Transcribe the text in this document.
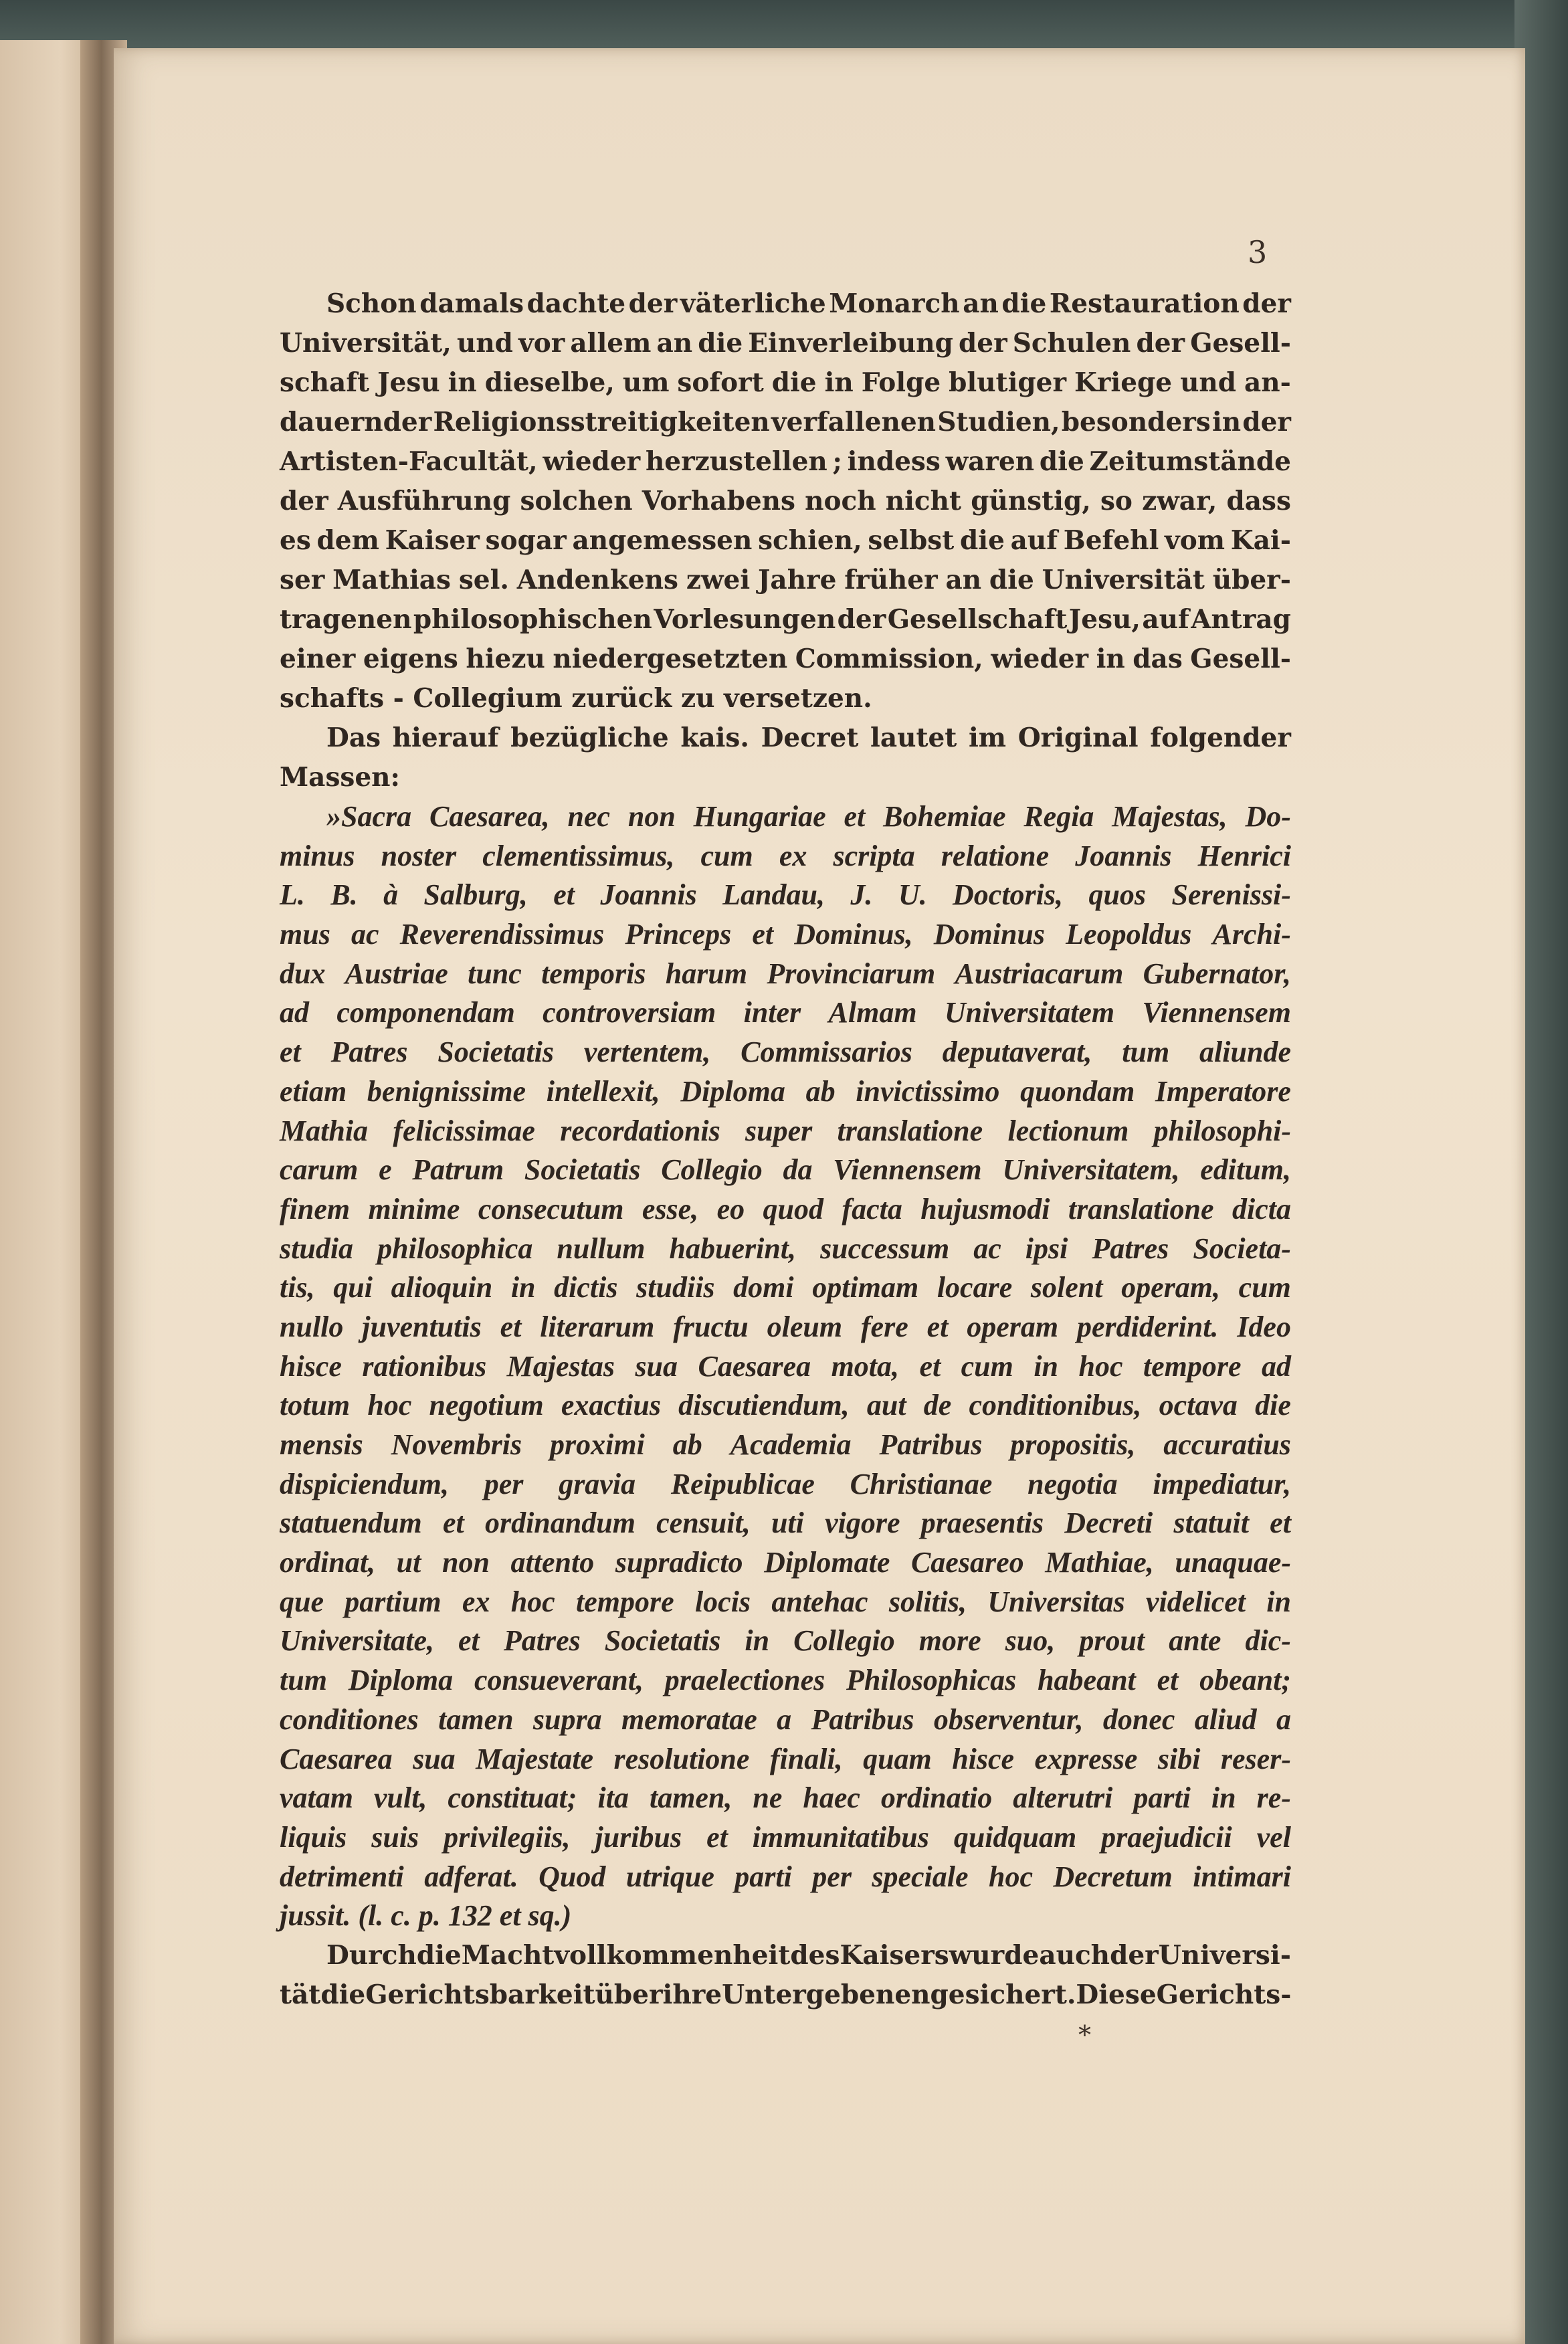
3
Schon damals dachte der väterliche Monarch an die Restauration der
Universität, und vor allem an die Einverleibung der Schulen der Gesell-
schaft Jesu in dieselbe, um sofort die in Folge blutiger Kriege und an-
dauernder Religionsstreitigkeiten verfallenen Studien, besonders in der
Artisten-Facultät, wieder herzustellen ; indess waren die Zeitumstände
der Ausführung solchen Vorhabens noch nicht günstig, so zwar, dass
es dem Kaiser sogar angemessen schien, selbst die auf Befehl vom Kai-
ser Mathias sel. Andenkens zwei Jahre früher an die Universität über-
tragenen philosophischen Vorlesungen der Gesellschaft Jesu, auf Antrag
einer eigens hiezu niedergesetzten Commission, wieder in das Gesell-
schafts - Collegium zurück zu versetzen.
Das hierauf bezügliche kais. Decret lautet im Original folgender
Massen:
»Sacra Caesarea, nec non Hungariae et Bohemiae Regia Majestas, Do-
minus noster clementissimus, cum ex scripta relatione Joannis Henrici
L. B. à Salburg, et Joannis Landau, J. U. Doctoris, quos Serenissi-
mus ac Reverendissimus Princeps et Dominus, Dominus Leopoldus Archi-
dux Austriae tunc temporis harum Provinciarum Austriacarum Gubernator,
ad componendam controversiam inter Almam Universitatem Viennensem
et Patres Societatis vertentem, Commissarios deputaverat, tum aliunde
etiam benignissime intellexit, Diploma ab invictissimo quondam Imperatore
Mathia felicissimae recordationis super translatione lectionum philosophi-
carum e Patrum Societatis Collegio da Viennensem Universitatem, editum,
finem minime consecutum esse, eo quod facta hujusmodi translatione dicta
studia philosophica nullum habuerint, successum ac ipsi Patres Societa-
tis, qui alioquin in dictis studiis domi optimam locare solent operam, cum
nullo juventutis et literarum fructu oleum fere et operam perdiderint. Ideo
hisce rationibus Majestas sua Caesarea mota, et cum in hoc tempore ad
totum hoc negotium exactius discutiendum, aut de conditionibus, octava die
mensis Novembris proximi ab Academia Patribus propositis, accuratius
dispiciendum, per gravia Reipublicae Christianae negotia impediatur,
statuendum et ordinandum censuit, uti vigore praesentis Decreti statuit et
ordinat, ut non attento supradicto Diplomate Caesareo Mathiae, unaquae-
que partium ex hoc tempore locis antehac solitis, Universitas videlicet in
Universitate, et Patres Societatis in Collegio more suo, prout ante dic-
tum Diploma consueverant, praelectiones Philosophicas habeant et obeant;
conditiones tamen supra memoratae a Patribus observentur, donec aliud a
Caesarea sua Majestate resolutione finali, quam hisce expresse sibi reser-
vatam vult, constituat; ita tamen, ne haec ordinatio alterutri parti in re-
liquis suis privilegiis, juribus et immunitatibus quidquam praejudicii vel
detrimenti adferat. Quod utrique parti per speciale hoc Decretum intimari
jussit. (l. c. p. 132 et sq.)
Durch die Machtvollkommenheit des Kaisers wurde auch der Universi-
tät die Gerichtsbarkeit über ihre Untergebenen gesichert. Diese Gerichts-
*
